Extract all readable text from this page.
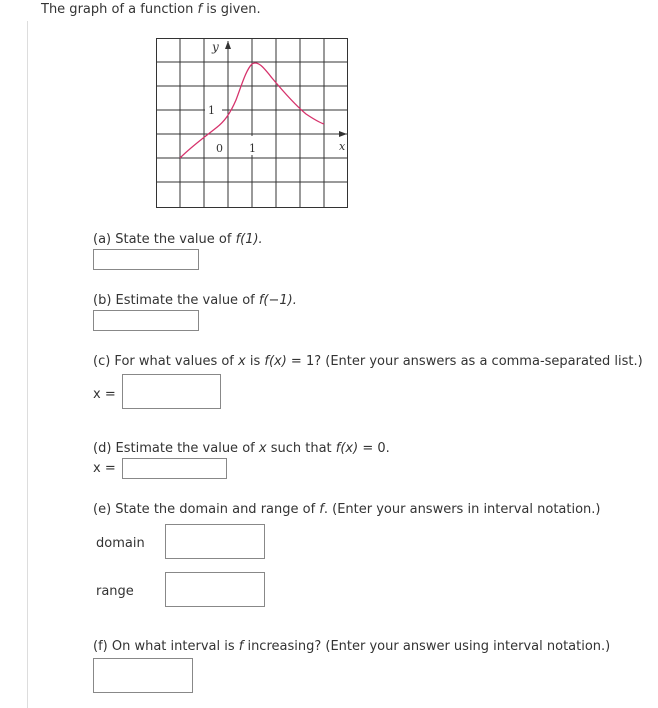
The graph of a function f is given.
y
x
1
0 1
(a) State the value of f(1).
(b) Estimate the value of f(−1).
(c) For what values of x is f(x) = 1? (Enter your answers as a comma-separated list.)
x =
(d) Estimate the value of x such that f(x) = 0.
x =
(e) State the domain and range of f. (Enter your answers in interval notation.)
domain
range
(f) On what interval is f increasing? (Enter your answer using interval notation.)
